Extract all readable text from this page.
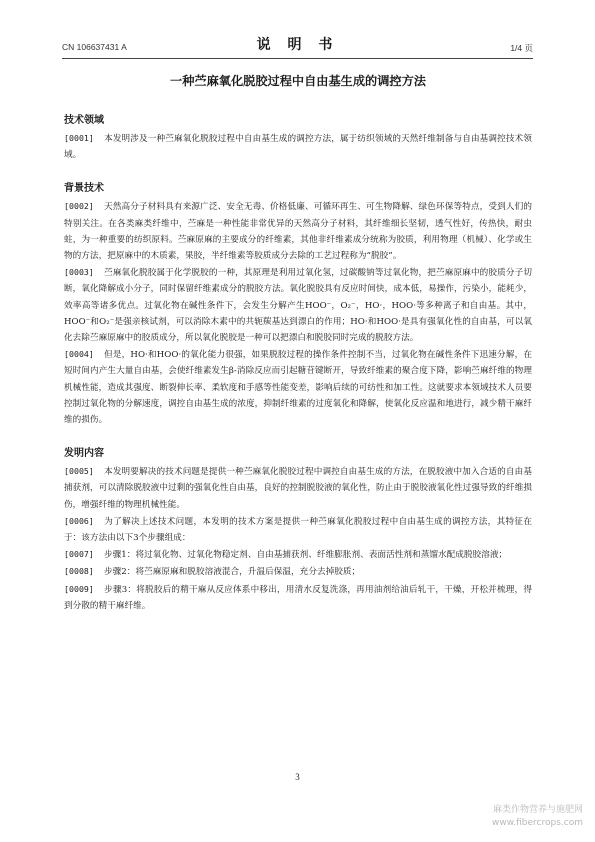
CN 106637431 A	说 明 书	1/4 页
一种苎麻氧化脱胶过程中自由基生成的调控方法
技术领域

[0001] 本发明涉及一种苎麻氧化脱胶过程中自由基生成的调控方法，属于纺织领域的天然纤维制备与自由基调控技术领域。

背景技术

[0002] 天然高分子材料具有来源广泛、安全无毒、价格低廉、可循环再生、可生物降解、绿色环保等特点，受到人们的特别关注。在各类麻类纤维中，苎麻是一种性能非常优异的天然高分子材料，其纤维细长坚韧，透气性好，传热快，耐虫蛀，为一种重要的纺织原料。苎麻原麻的主要成分的纤维素，其他非纤维素成分统称为胶质，利用物理（机械）、化学或生物的方法，把原麻中的木质素，果胶，半纤维素等胶质成分去除的工艺过程称为“脱胶”。

[0003] 苎麻氧化脱胶属于化学脱胶的一种，其原理是利用过氧化氢，过碳酸钠等过氧化物，把苎麻原麻中的胶质分子切断，氧化降解成小分子，同时保留纤维素成分的脱胶方法。氧化脱胶具有反应时间快，成本低，易操作，污染小，能耗少，效率高等诸多优点。过氧化物在碱性条件下，会发生分解产生HOO⁻，O₂⁻，HO·，HOO·等多种离子和自由基。其中，HOO⁻和O₂⁻是强亲核试剂，可以消除木素中的共轭羰基达到漂白的作用；HO·和HOO·是具有强氧化性的自由基，可以氧化去除苎麻原麻中的胶质成分，所以氧化脱胶是一种可以把漂白和脱胶同时完成的脱胶方法。

[0004] 但是，HO·和HOO·的氧化能力很强，如果脱胶过程的操作条件控制不当，过氧化物在碱性条件下迅速分解，在短时间内产生大量自由基，会使纤维素发生β-消除反应而引起糖苷键断开，导致纤维素的聚合度下降，影响苎麻纤维的物理机械性能，造成其强度、断裂伸长率、柔软度和手感等性能变差，影响后续的可纺性和加工性。这就要求本领域技术人员要控制过氧化物的分解速度，调控自由基生成的浓度，抑制纤维素的过度氧化和降解，使氧化反应温和地进行，减少精干麻纤维的损伤。

发明内容

[0005] 本发明要解决的技术问题是提供一种苎麻氧化脱胶过程中调控自由基生成的方法，在脱胶液中加入合适的自由基捕获剂，可以清除脱胶液中过剩的强氧化性自由基，良好的控制脱胶液的氧化性，防止由于脱胶液氧化性过强导致的纤维损伤，增强纤维的物理机械性能。

[0006] 为了解决上述技术问题，本发明的技术方案是提供一种苎麻氧化脱胶过程中自由基生成的调控方法，其特征在于：该方法由以下3个步骤组成：

[0007] 步骤1：将过氧化物、过氧化物稳定剂、自由基捕获剂、纤维膨胀剂、表面活性剂和蒸馏水配成脱胶溶液；

[0008] 步骤2：将苎麻原麻和脱胶溶液混合，升温后保温，充分去掉胶质；

[0009] 步骤3：将脱胶后的精干麻从反应体系中移出，用清水反复洗涤，再用油剂给油后轧干，干燥，开松并梳理，得到分散的精干麻纤维。

3
麻类作物营养与施肥网
www.fibercrops.com
